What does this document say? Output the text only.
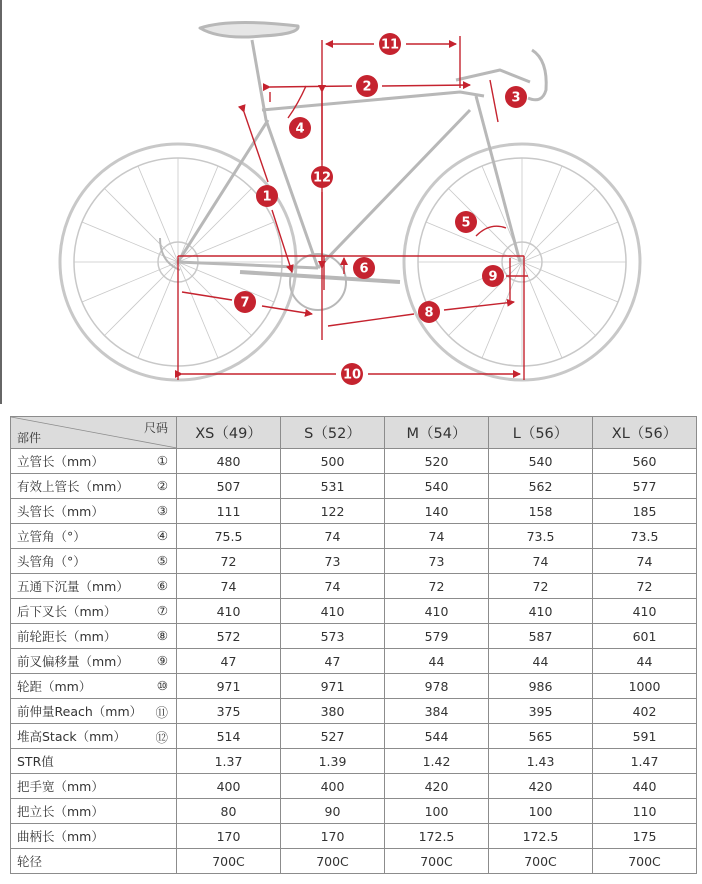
11
2
3
4
12
1
5
6
9
7
8
10
尺码
部件	XS（49）	S（52）	M（54）	L（56）	XL（56）
立管长（mm） ①	480	500	520	540	560
有效上管长（mm） ②	507	531	540	562	577
头管长（mm） ③	111	122	140	158	185
立管角（°） ④	75.5	74	74	73.5	73.5
头管角（°） ⑤	72	73	73	74	74
五通下沉量（mm） ⑥	74	74	72	72	72
后下叉长（mm） ⑦	410	410	410	410	410
前轮距长（mm） ⑧	572	573	579	587	601
前叉偏移量（mm） ⑨	47	47	44	44	44
轮距（mm） ⑩	971	971	978	986	1000
前伸量Reach（mm） ⑪	375	380	384	395	402
堆高Stack（mm） ⑫	514	527	544	565	591
STR值	1.37	1.39	1.42	1.43	1.47
把手宽（mm）	400	400	420	420	440
把立长（mm）	80	90	100	100	110
曲柄长（mm）	170	170	172.5	172.5	175
轮径	700C	700C	700C	700C	700C
